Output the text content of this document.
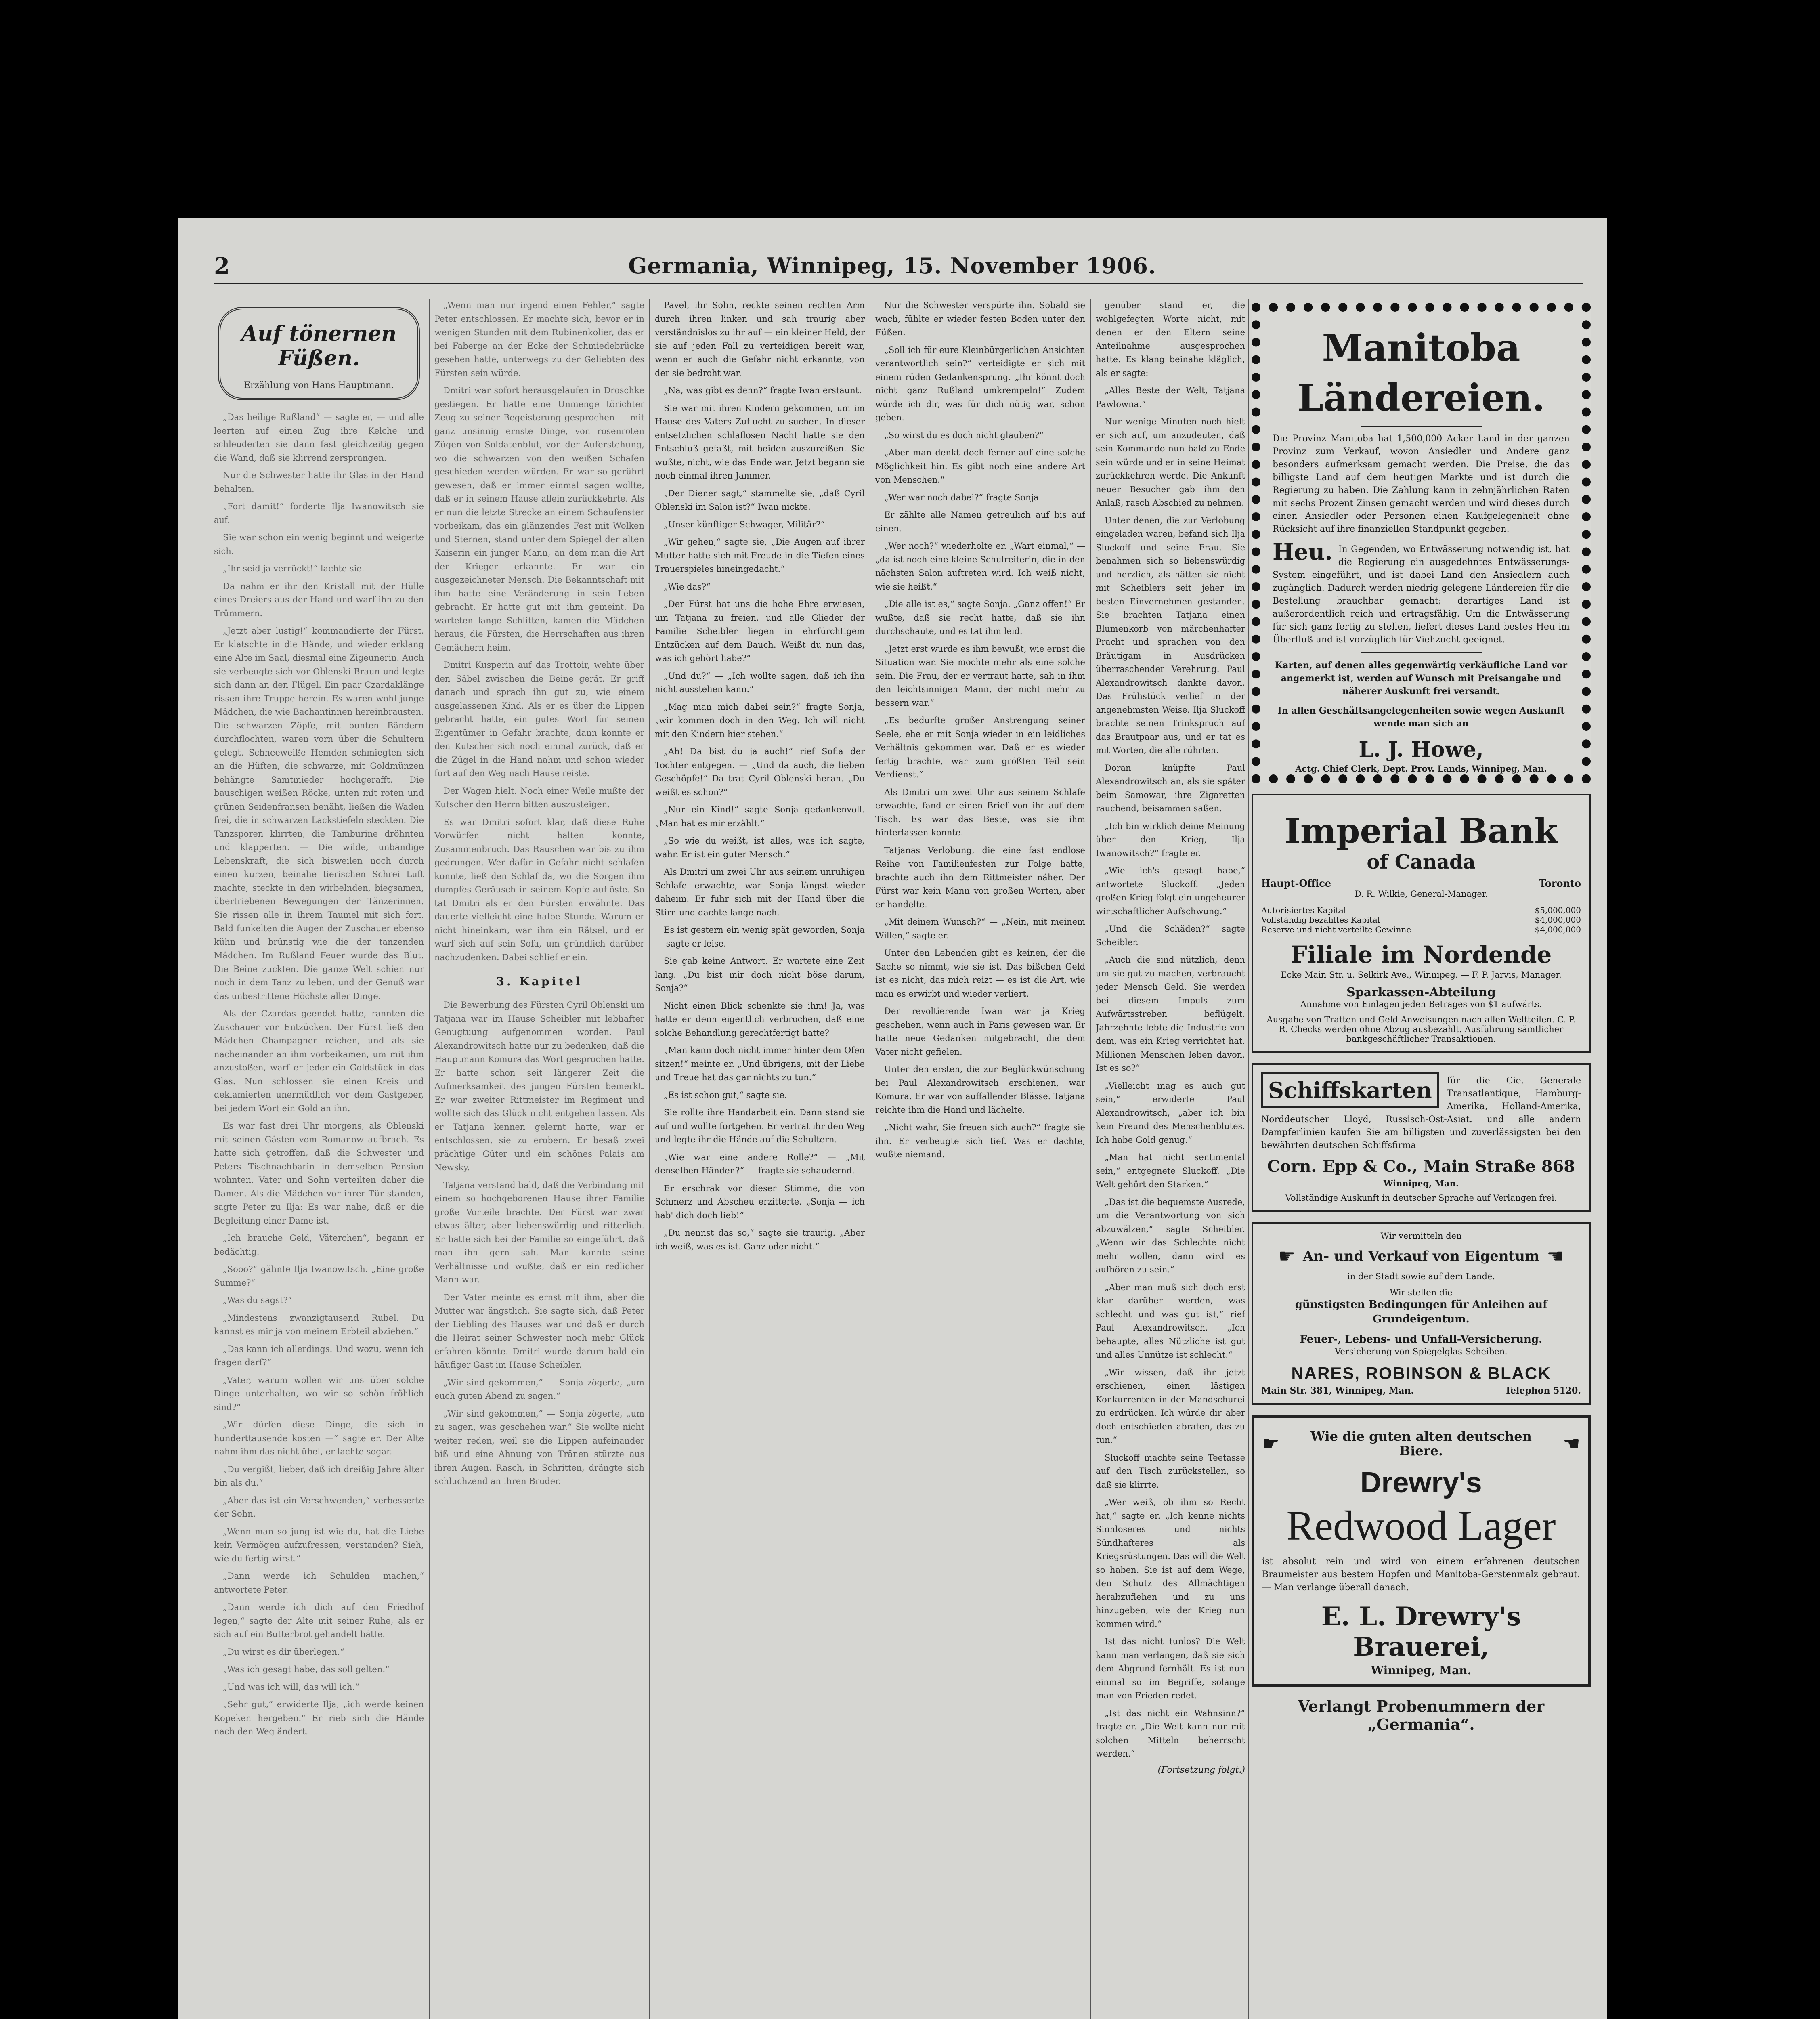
2	Germania, Winnipeg, 15. November 1906.
Auf tönernen Füßen.
Erzählung von Hans Hauptmann.

„Das heilige Rußland“ — sagte er, — und alle leerten auf einen Zug ihre Kelche und schleuderten sie dann fast gleichzeitig gegen die Wand, daß sie klirrend zersprangen.

Nur die Schwester hatte ihr Glas in der Hand behalten.

„Fort damit!“ forderte Ilja Iwanowitsch sie auf.

Sie war schon ein wenig beginnt und weigerte sich.

„Ihr seid ja verrückt!“ lachte sie.

Da nahm er ihr den Kristall mit der Hülle eines Dreiers aus der Hand und warf ihn zu den Trümmern.

„Jetzt aber lustig!“ kommandierte der Fürst. Er klatschte in die Hände, und wieder erklang eine Alte im Saal, diesmal eine Zigeunerin. Auch sie verbeugte sich vor Oblenski Braun und legte sich dann an den Flügel. Ein paar Czardaklänge rissen ihre Truppe herein. Es waren wohl junge Mädchen, die wie Bachantinnen hereinbrausten. Die schwarzen Zöpfe, mit bunten Bändern durchflochten, waren vorn über die Schultern gelegt. Schneeweiße Hemden schmiegten sich an die Hüften, die schwarze, mit Goldmünzen behängte Samtmieder hochgerafft. Die bauschigen weißen Röcke, unten mit roten und grünen Seidenfransen benäht, ließen die Waden frei, die in schwarzen Lackstiefeln steckten. Die Tanzsporen klirrten, die Tamburine dröhnten und klapperten. — Die wilde, unbändige Lebenskraft, die sich bisweilen noch durch einen kurzen, beinahe tierischen Schrei Luft machte, steckte in den wirbelnden, biegsamen, übertriebenen Bewegungen der Tänzerinnen. Sie rissen alle in ihrem Taumel mit sich fort. Bald funkelten die Augen der Zuschauer ebenso kühn und brünstig wie die der tanzenden Mädchen. Im Rußland Feuer wurde das Blut. Die Beine zuckten. Die ganze Welt schien nur noch in dem Tanz zu leben, und der Genuß war das unbestrittene Höchste aller Dinge.

Als der Czardas geendet hatte, rannten die Zuschauer vor Entzücken. Der Fürst ließ den Mädchen Champagner reichen, und als sie nacheinander an ihm vorbeikamen, um mit ihm anzustoßen, warf er jeder ein Goldstück in das Glas. Nun schlossen sie einen Kreis und deklamierten unermüdlich vor dem Gastgeber, bei jedem Wort ein Gold an ihn.

Es war fast drei Uhr morgens, als Oblenski mit seinen Gästen vom Romanow aufbrach. Es hatte sich getroffen, daß die Schwester und Peters Tischnachbarin in demselben Pension wohnten. Vater und Sohn verteilten daher die Damen. Als die Mädchen vor ihrer Tür standen, sagte Peter zu Ilja: Es war nahe, daß er die Begleitung einer Dame ist.

„Ich brauche Geld, Väterchen“, begann er bedächtig.

„Sooo?“ gähnte Ilja Iwanowitsch. „Eine große Summe?“

„Was du sagst?“

„Mindestens zwanzigtausend Rubel. Du kannst es mir ja von meinem Erbteil abziehen.“

„Das kann ich allerdings. Und wozu, wenn ich fragen darf?“

„Vater, warum wollen wir uns über solche Dinge unterhalten, wo wir so schön fröhlich sind?“

„Wir dürfen diese Dinge, die sich in hunderttausende kosten —“ sagte er. Der Alte nahm ihm das nicht übel, er lachte sogar.

„Du vergißt, lieber, daß ich dreißig Jahre älter bin als du.“

„Aber das ist ein Verschwenden,“ verbesserte der Sohn.

„Wenn man so jung ist wie du, hat die Liebe kein Vermögen aufzufressen, verstanden? Sieh, wie du fertig wirst.“

„Dann werde ich Schulden machen,“ antwortete Peter.

„Dann werde ich dich auf den Friedhof legen,“ sagte der Alte mit seiner Ruhe, als er sich auf ein Butterbrot gehandelt hätte.

„Du wirst es dir überlegen.“

„Was ich gesagt habe, das soll gelten.“

„Und was ich will, das will ich.“

„Sehr gut,“ erwiderte Ilja, „ich werde keinen Kopeken hergeben.“ Er rieb sich die Hände nach den Weg ändert.

„Wenn man nur irgend einen Fehler,“ sagte Peter entschlossen. Er machte sich, bevor er in wenigen Stunden mit dem Rubinenkolier, das er bei Faberge an der Ecke der Schmiedebrücke gesehen hatte, unterwegs zu der Geliebten des Fürsten sein würde.

Dmitri war sofort herausgelaufen in Droschke gestiegen. Er hatte eine Unmenge törichter Zeug zu seiner Begeisterung gesprochen — mit ganz unsinnig ernste Dinge, von rosenroten Zügen von Soldatenblut, von der Auferstehung, wo die schwarzen von den weißen Schafen geschieden werden würden. Er war so gerührt gewesen, daß er immer einmal sagen wollte, daß er in seinem Hause allein zurückkehrte. Als er nun die letzte Strecke an einem Schaufenster vorbeikam, das ein glänzendes Fest mit Wolken und Sternen, stand unter dem Spiegel der alten Kaiserin ein junger Mann, an dem man die Art der Krieger erkannte. Er war ein ausgezeichneter Mensch. Die Bekanntschaft mit ihm hatte eine Veränderung in sein Leben gebracht. Er hatte gut mit ihm gemeint. Da warteten lange Schlitten, kamen die Mädchen heraus, die Fürsten, die Herrschaften aus ihren Gemächern heim.

Dmitri Kusperin auf das Trottoir, wehte über den Säbel zwischen die Beine gerät. Er griff danach und sprach ihn gut zu, wie einem ausgelassenen Kind. Als er es über die Lippen gebracht hatte, ein gutes Wort für seinen Eigentümer in Gefahr brachte, dann konnte er den Kutscher sich noch einmal zurück, daß er die Zügel in die Hand nahm und schon wieder fort auf den Weg nach Hause reiste.

Der Wagen hielt. Noch einer Weile mußte der Kutscher den Herrn bitten auszusteigen.

Es war Dmitri sofort klar, daß diese Ruhe Vorwürfen nicht halten konnte, Zusammenbruch. Das Rauschen war bis zu ihm gedrungen. Wer dafür in Gefahr nicht schlafen konnte, ließ den Schlaf da, wo die Sorgen ihm dumpfes Geräusch in seinem Kopfe auflöste. So tat Dmitri als er den Fürsten erwähnte. Das dauerte vielleicht eine halbe Stunde. Warum er nicht hineinkam, war ihm ein Rätsel, und er warf sich auf sein Sofa, um gründlich darüber nachzudenken. Dabei schlief er ein.

3. Kapitel

Die Bewerbung des Fürsten Cyril Oblenski um Tatjana war im Hause Scheibler mit lebhafter Genugtuung aufgenommen worden. Paul Alexandrowitsch hatte nur zu bedenken, daß die Hauptmann Komura das Wort gesprochen hatte. Er hatte schon seit längerer Zeit die Aufmerksamkeit des jungen Fürsten bemerkt. Er war zweiter Rittmeister im Regiment und wollte sich das Glück nicht entgehen lassen. Als er Tatjana kennen gelernt hatte, war er entschlossen, sie zu erobern. Er besaß zwei prächtige Güter und ein schönes Palais am Newsky.

Tatjana verstand bald, daß die Verbindung mit einem so hochgeborenen Hause ihrer Familie große Vorteile brachte. Der Fürst war zwar etwas älter, aber liebenswürdig und ritterlich. Er hatte sich bei der Familie so eingeführt, daß man ihn gern sah. Man kannte seine Verhältnisse und wußte, daß er ein redlicher Mann war.

Der Vater meinte es ernst mit ihm, aber die Mutter war ängstlich. Sie sagte sich, daß Peter der Liebling des Hauses war und daß er durch die Heirat seiner Schwester noch mehr Glück erfahren könnte. Dmitri wurde darum bald ein häufiger Gast im Hause Scheibler.

„Wir sind gekommen,“ — Sonja zögerte, „um euch guten Abend zu sagen.“

„Wir sind gekommen,“ — Sonja zögerte, „um zu sagen, was geschehen war.“ Sie wollte nicht weiter reden, weil sie die Lippen aufeinander biß und eine Ahnung von Tränen stürzte aus ihren Augen. Rasch, in Schritten, drängte sich schluchzend an ihren Bruder.

Pavel, ihr Sohn, reckte seinen rechten Arm durch ihren linken und sah traurig aber verständnislos zu ihr auf — ein kleiner Held, der sie auf jeden Fall zu verteidigen bereit war, wenn er auch die Gefahr nicht erkannte, von der sie bedroht war.

„Na, was gibt es denn?“ fragte Iwan erstaunt.

Sie war mit ihren Kindern gekommen, um im Hause des Vaters Zuflucht zu suchen. In dieser entsetzlichen schlaflosen Nacht hatte sie den Entschluß gefaßt, mit beiden auszureißen. Sie wußte, nicht, wie das Ende war. Jetzt begann sie noch einmal ihren Jammer.

„Der Diener sagt,“ stammelte sie, „daß Cyril Oblenski im Salon ist?“ Iwan nickte.

„Unser künftiger Schwager, Militär?“

„Wir gehen,“ sagte sie, „Die Augen auf ihrer Mutter hatte sich mit Freude in die Tiefen eines Trauerspieles hineingedacht.“

„Wie das?“

„Der Fürst hat uns die hohe Ehre erwiesen, um Tatjana zu freien, und alle Glieder der Familie Scheibler liegen in ehrfürchtigem Entzücken auf dem Bauch. Weißt du nun das, was ich gehört habe?“

„Und du?“ — „Ich wollte sagen, daß ich ihn nicht ausstehen kann.“

„Mag man mich dabei sein?“ fragte Sonja, „wir kommen doch in den Weg. Ich will nicht mit den Kindern hier stehen.“

„Ah! Da bist du ja auch!“ rief Sofia der Tochter entgegen. — „Und da auch, die lieben Geschöpfe!“ Da trat Cyril Oblenski heran. „Du weißt es schon?“

„Nur ein Kind!“ sagte Sonja gedankenvoll. „Man hat es mir erzählt.“

„So wie du weißt, ist alles, was ich sagte, wahr. Er ist ein guter Mensch.“

Als Dmitri um zwei Uhr aus seinem unruhigen Schlafe erwachte, war Sonja längst wieder daheim. Er fuhr sich mit der Hand über die Stirn und dachte lange nach.

Es ist gestern ein wenig spät geworden, Sonja — sagte er leise.

Sie gab keine Antwort. Er wartete eine Zeit lang. „Du bist mir doch nicht böse darum, Sonja?“

Nicht einen Blick schenkte sie ihm! Ja, was hatte er denn eigentlich verbrochen, daß eine solche Behandlung gerechtfertigt hatte?

„Man kann doch nicht immer hinter dem Ofen sitzen!“ meinte er. „Und übrigens, mit der Liebe und Treue hat das gar nichts zu tun.“

„Es ist schon gut,“ sagte sie.

Sie rollte ihre Handarbeit ein. Dann stand sie auf und wollte fortgehen. Er vertrat ihr den Weg und legte ihr die Hände auf die Schultern.

„Wie war eine andere Rolle?“ — „Mit denselben Händen?“ — fragte sie schaudernd.

Er erschrak vor dieser Stimme, die von Schmerz und Abscheu erzitterte. „Sonja — ich hab' dich doch lieb!“

„Du nennst das so,“ sagte sie traurig. „Aber ich weiß, was es ist. Ganz oder nicht.“

Nur die Schwester verspürte ihn. Sobald sie wach, fühlte er wieder festen Boden unter den Füßen.

„Soll ich für eure Kleinbürgerlichen Ansichten verantwortlich sein?“ verteidigte er sich mit einem rüden Gedankensprung. „Ihr könnt doch nicht ganz Rußland umkrempeln!“ Zudem würde ich dir, was für dich nötig war, schon geben.

„So wirst du es doch nicht glauben?“

„Aber man denkt doch ferner auf eine solche Möglichkeit hin. Es gibt noch eine andere Art von Menschen.“

„Wer war noch dabei?“ fragte Sonja.

Er zählte alle Namen getreulich auf bis auf einen.

„Wer noch?“ wiederholte er. „Wart einmal,“ — „da ist noch eine kleine Schulreiterin, die in den nächsten Salon auftreten wird. Ich weiß nicht, wie sie heißt.“

„Die alle ist es,“ sagte Sonja. „Ganz offen!“ Er wußte, daß sie recht hatte, daß sie ihn durchschaute, und es tat ihm leid.

„Jetzt erst wurde es ihm bewußt, wie ernst die Situation war. Sie mochte mehr als eine solche sein. Die Frau, der er vertraut hatte, sah in ihm den leichtsinnigen Mann, der nicht mehr zu bessern war.“

„Es bedurfte großer Anstrengung seiner Seele, ehe er mit Sonja wieder in ein leidliches Verhältnis gekommen war. Daß er es wieder fertig brachte, war zum größten Teil sein Verdienst.“

Als Dmitri um zwei Uhr aus seinem Schlafe erwachte, fand er einen Brief von ihr auf dem Tisch. Es war das Beste, was sie ihm hinterlassen konnte.

Tatjanas Verlobung, die eine fast endlose Reihe von Familienfesten zur Folge hatte, brachte auch ihn dem Rittmeister näher. Der Fürst war kein Mann von großen Worten, aber er handelte.

„Mit deinem Wunsch?“ — „Nein, mit meinem Willen,“ sagte er.

Unter den Lebenden gibt es keinen, der die Sache so nimmt, wie sie ist. Das bißchen Geld ist es nicht, das mich reizt — es ist die Art, wie man es erwirbt und wieder verliert.

Der revoltierende Iwan war ja Krieg geschehen, wenn auch in Paris gewesen war. Er hatte neue Gedanken mitgebracht, die dem Vater nicht gefielen.

Unter den ersten, die zur Beglückwünschung bei Paul Alexandrowitsch erschienen, war Komura. Er war von auffallender Blässe. Tatjana reichte ihm die Hand und lächelte.

„Nicht wahr, Sie freuen sich auch?“ fragte sie ihn. Er verbeugte sich tief. Was er dachte, wußte niemand.

genüber stand er, die wohlgefegten Worte nicht, mit denen er den Eltern seine Anteilnahme ausgesprochen hatte. Es klang beinahe kläglich, als er sagte:

„Alles Beste der Welt, Tatjana Pawlowna.“

Nur wenige Minuten noch hielt er sich auf, um anzudeuten, daß sein Kommando nun bald zu Ende sein würde und er in seine Heimat zurückkehren werde. Die Ankunft neuer Besucher gab ihm den Anlaß, rasch Abschied zu nehmen.

Unter denen, die zur Verlobung eingeladen waren, befand sich Ilja Sluckoff und seine Frau. Sie benahmen sich so liebenswürdig und herzlich, als hätten sie nicht mit Scheiblers seit jeher im besten Einvernehmen gestanden. Sie brachten Tatjana einen Blumenkorb von märchenhafter Pracht und sprachen von den Bräutigam in Ausdrücken überraschender Verehrung. Paul Alexandrowitsch dankte davon. Das Frühstück verlief in der angenehmsten Weise. Ilja Sluckoff brachte seinen Trinkspruch auf das Brautpaar aus, und er tat es mit Worten, die alle rührten.

Doran knüpfte Paul Alexandrowitsch an, als sie später beim Samowar, ihre Zigaretten rauchend, beisammen saßen.

„Ich bin wirklich deine Meinung über den Krieg, Ilja Iwanowitsch?“ fragte er.

„Wie ich's gesagt habe,“ antwortete Sluckoff. „Jeden großen Krieg folgt ein ungeheurer wirtschaftlicher Aufschwung.“

„Und die Schäden?“ sagte Scheibler.

„Auch die sind nützlich, denn um sie gut zu machen, verbraucht jeder Mensch Geld. Sie werden bei diesem Impuls zum Aufwärtsstreben beflügelt. Jahrzehnte lebte die Industrie von dem, was ein Krieg verrichtet hat. Millionen Menschen leben davon. Ist es so?“

„Vielleicht mag es auch gut sein,“ erwiderte Paul Alexandrowitsch, „aber ich bin kein Freund des Menschenblutes. Ich habe Gold genug.“

„Man hat nicht sentimental sein,“ entgegnete Sluckoff. „Die Welt gehört den Starken.“

„Das ist die bequemste Ausrede, um die Verantwortung von sich abzuwälzen,“ sagte Scheibler. „Wenn wir das Schlechte nicht mehr wollen, dann wird es aufhören zu sein.“

„Aber man muß sich doch erst klar darüber werden, was schlecht und was gut ist,“ rief Paul Alexandrowitsch. „Ich behaupte, alles Nützliche ist gut und alles Unnütze ist schlecht.“

„Wir wissen, daß ihr jetzt erschienen, einen lästigen Konkurrenten in der Mandschurei zu erdrücken. Ich würde dir aber doch entschieden abraten, das zu tun.“

Sluckoff machte seine Teetasse auf den Tisch zurückstellen, so daß sie klirrte.

„Wer weiß, ob ihm so Recht hat,“ sagte er. „Ich kenne nichts Sinnloseres und nichts Sündhafteres als Kriegsrüstungen. Das will die Welt so haben. Sie ist auf dem Wege, den Schutz des Allmächtigen herabzuflehen und zu uns hinzugeben, wie der Krieg nun kommen wird.“

Ist das nicht tunlos? Die Welt kann man verlangen, daß sie sich dem Abgrund fernhält. Es ist nun einmal so im Begriffe, solange man von Frieden redet.

„Ist das nicht ein Wahnsinn?“ fragte er. „Die Welt kann nur mit solchen Mitteln beherrscht werden.“

(Fortsetzung folgt.)
Manitoba
Ländereien.
Die Provinz Manitoba hat 1,500,000 Acker Land in der ganzen Provinz zum Verkauf, wovon Ansiedler und Andere ganz besonders aufmerksam gemacht werden. Die Preise, die das billigste Land auf dem heutigen Markte und ist durch die Regierung zu haben. Die Zahlung kann in zehnjährlichen Raten mit sechs Prozent Zinsen gemacht werden und wird dieses durch einen Ansiedler oder Personen einen Kaufgelegenheit ohne Rücksicht auf ihre finanziellen Standpunkt gegeben.
Heu. In Gegenden, wo Entwässerung notwendig ist, hat die Regierung ein ausgedehntes Entwässerungs-System eingeführt, und ist dabei Land den Ansiedlern auch zugänglich. Dadurch werden niedrig gelegene Ländereien für die Bestellung brauchbar gemacht; derartiges Land ist außerordentlich reich und ertragsfähig. Um die Entwässerung für sich ganz fertig zu stellen, liefert dieses Land bestes Heu im Überfluß und ist vorzüglich für Viehzucht geeignet.
Karten, auf denen alles gegenwärtig verkäufliche Land vor angemerkt ist, werden auf Wunsch mit Preisangabe und näherer Auskunft frei versandt.
In allen Geschäftsangelegenheiten sowie wegen Auskunft wende man sich an
L. J. Howe,
Actg. Chief Clerk, Dept. Prov. Lands, Winnipeg, Man.
Imperial Bank
of Canada
Haupt-Office	Toronto
D. R. Wilkie, General-Manager.
Autorisiertes Kapital	$5,000,000
Vollständig bezahltes Kapital	$4,000,000
Reserve und nicht verteilte Gewinne	$4,000,000
Filiale im Nordende
Ecke Main Str. u. Selkirk Ave., Winnipeg. — F. P. Jarvis, Manager.
Sparkassen-Abteilung
Annahme von Einlagen jeden Betrages von $1 aufwärts.
Ausgabe von Tratten und Geld-Anweisungen nach allen Weltteilen. C. P. R. Checks werden ohne Abzug ausbezahlt. Ausführung sämtlicher bankgeschäftlicher Transaktionen.
Schiffskarten	für die Cie. Generale Transatlantique, Hamburg-Amerika, Holland-Amerika, Norddeutscher Lloyd, Russisch-Ost-Asiat. und alle andern Dampferlinien kaufen Sie am billigsten und zuverlässigsten bei den bewährten deutschen Schiffsfirma
Corn. Epp & Co., Main Straße 868
Winnipeg, Man.
Vollständige Auskunft in deutscher Sprache auf Verlangen frei.
Wir vermitteln den
☛ An- und Verkauf von Eigentum ☚
in der Stadt sowie auf dem Lande.
Wir stellen die
günstigsten Bedingungen für Anleihen auf Grundeigentum.
Feuer-, Lebens- und Unfall-Versicherung.
Versicherung von Spiegelglas-Scheiben.
NARES, ROBINSON & BLACK
Main Str. 381, Winnipeg, Man.	Telephon 5120.
☛	Wie die guten alten deutschen Biere.	☚
Drewry's
Redwood Lager
ist absolut rein und wird von einem erfahrenen deutschen Braumeister aus bestem Hopfen und Manitoba-Gerstenmalz gebraut. — Man verlange überall danach.
E. L. Drewry's Brauerei,
Winnipeg, Man.
Verlangt Probenummern der „Germania“.
